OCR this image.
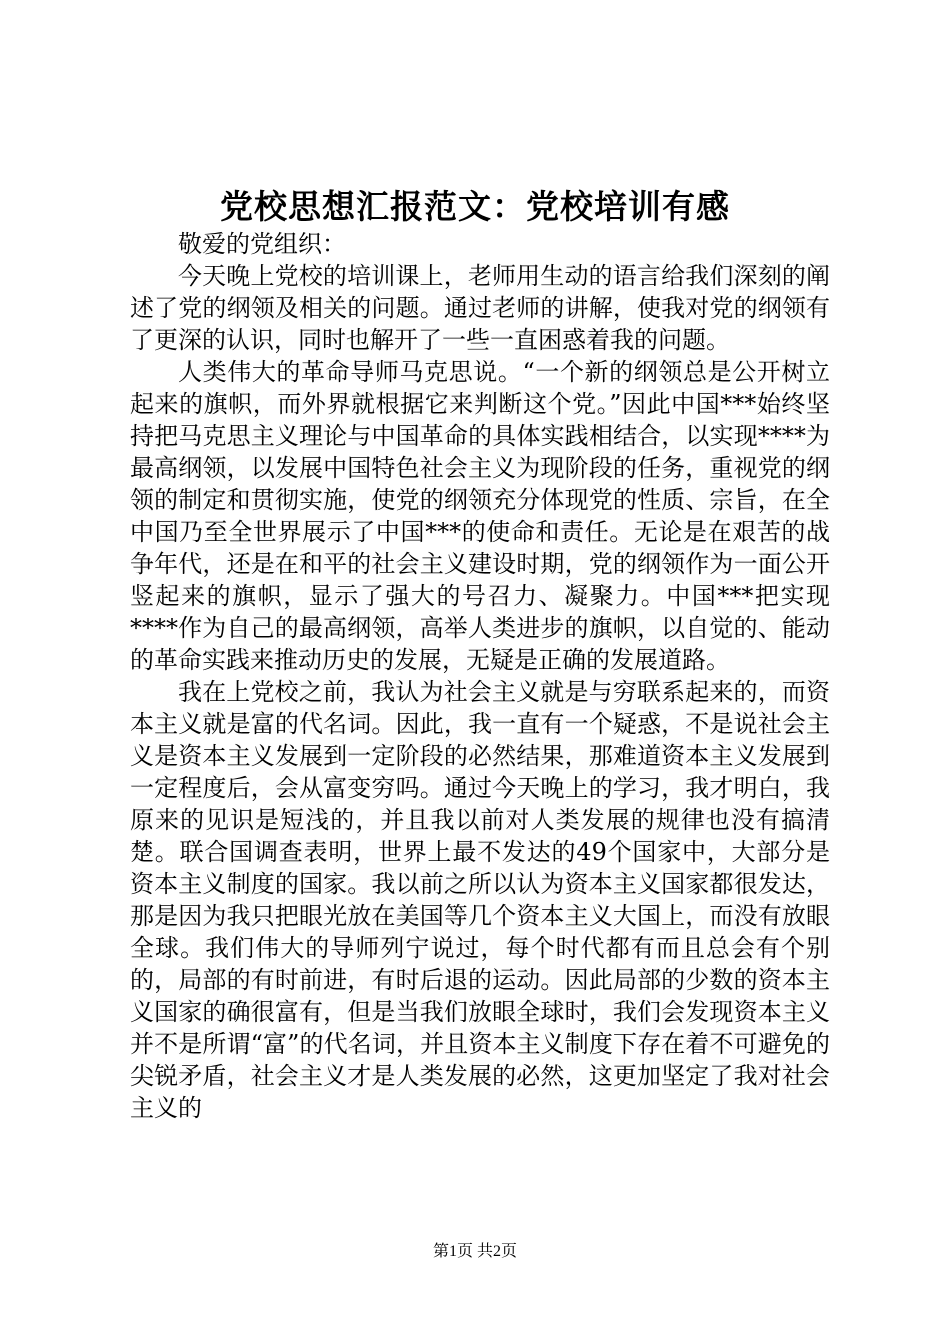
党校思想汇报范文：党校培训有感

敬爱的党组织：

今天晚上党校的培训课上，老师用生动的语言给我们深刻的阐述了党的纲领及相关的问题。通过老师的讲解，使我对党的纲领有了更深的认识，同时也解开了一些一直困惑着我的问题。

人类伟大的革命导师马克思说。“一个新的纲领总是公开树立起来的旗帜，而外界就根据它来判断这个党。”因此中国***始终坚持把马克思主义理论与中国革命的具体实践相结合，以实现****为最高纲领，以发展中国特色社会主义为现阶段的任务，重视党的纲领的制定和贯彻实施，使党的纲领充分体现党的性质、宗旨，在全中国乃至全世界展示了中国***的使命和责任。无论是在艰苦的战争年代，还是在和平的社会主义建设时期，党的纲领作为一面公开竖起来的旗帜，显示了强大的号召力、凝聚力。中国***把实现****作为自己的最高纲领，高举人类进步的旗帜，以自觉的、能动的革命实践来推动历史的发展，无疑是正确的发展道路。

我在上党校之前，我认为社会主义就是与穷联系起来的，而资本主义就是富的代名词。因此，我一直有一个疑惑，不是说社会主义是资本主义发展到一定阶段的必然结果，那难道资本主义发展到一定程度后，会从富变穷吗。通过今天晚上的学习，我才明白，我原来的见识是短浅的，并且我以前对人类发展的规律也没有搞清楚。联合国调查表明，世界上最不发达的49个国家中，大部分是资本主义制度的国家。我以前之所以认为资本主义国家都很发达，那是因为我只把眼光放在美国等几个资本主义大国上，而没有放眼全球。我们伟大的导师列宁说过，每个时代都有而且总会有个别的，局部的有时前进，有时后退的运动。因此局部的少数的资本主义国家的确很富有，但是当我们放眼全球时，我们会发现资本主义并不是所谓“富”的代名词，并且资本主义制度下存在着不可避免的尖锐矛盾，社会主义才是人类发展的必然，这更加坚定了我对社会主义的

第1页 共2页
